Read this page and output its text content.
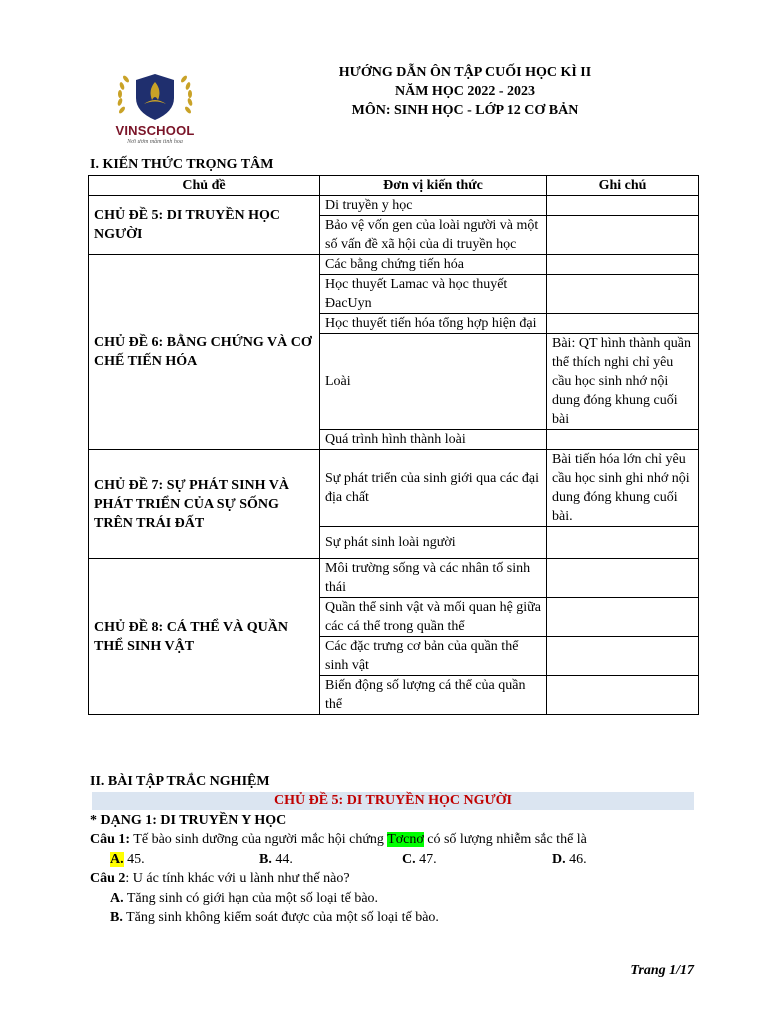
VINSCHOOL
Nơi ươm mầm tinh hoa
HƯỚNG DẪN ÔN TẬP CUỐI HỌC KÌ II
NĂM HỌC 2022 - 2023
MÔN: SINH HỌC - LỚP 12 CƠ BẢN
I. KIẾN THỨC TRỌNG TÂM
Chủ đề	Đơn vị kiến thức	Ghi chú
CHỦ ĐỀ 5: DI TRUYỀN HỌC NGƯỜI	Di truyền y học	
	Bảo vệ vốn gen của loài người và một số vấn đề xã hội của di truyền học	
CHỦ ĐỀ 6: BẰNG CHỨNG VÀ CƠ CHẾ TIẾN HÓA	Các bằng chứng tiến hóa	
	Học thuyết Lamac và học thuyết ĐacUyn	
	Học thuyết tiến hóa tổng hợp hiện đại	
	Loài	Bài: QT hình thành quần thể thích nghi chỉ yêu cầu học sinh nhớ nội dung đóng khung cuối bài
	Quá trình hình thành loài	
CHỦ ĐỀ 7: SỰ PHÁT SINH VÀ PHÁT TRIỂN CỦA SỰ SỐNG TRÊN TRÁI ĐẤT	Sự phát triển của sinh giới qua các đại địa chất	Bài tiến hóa lớn chỉ yêu cầu học sinh ghi nhớ nội dung đóng khung cuối bài.
	Sự phát sinh loài người	
CHỦ ĐỀ 8: CÁ THỂ VÀ QUẦN THỂ SINH VẬT	Môi trường sống và các nhân tố sinh thái	
	Quần thể sinh vật và mối quan hệ giữa các cá thể trong quần thể	
	Các đặc trưng cơ bản của quần thể sinh vật	
	Biến động số lượng cá thể của quần thể	
II. BÀI TẬP TRẮC NGHIỆM
CHỦ ĐỀ 5: DI TRUYỀN HỌC NGƯỜI
* DẠNG 1: DI TRUYỀN Y HỌC
Câu 1: Tế bào sinh dưỡng của người mắc hội chứng Tơcnơ có số lượng nhiễm sắc thể là
A. 45.	B. 44.	C. 47.	D. 46.
Câu 2: U ác tính khác với u lành như thế nào?
A. Tăng sinh có giới hạn của một số loại tế bào.
B. Tăng sinh không kiểm soát được của một số loại tế bào.
Trang 1/17
